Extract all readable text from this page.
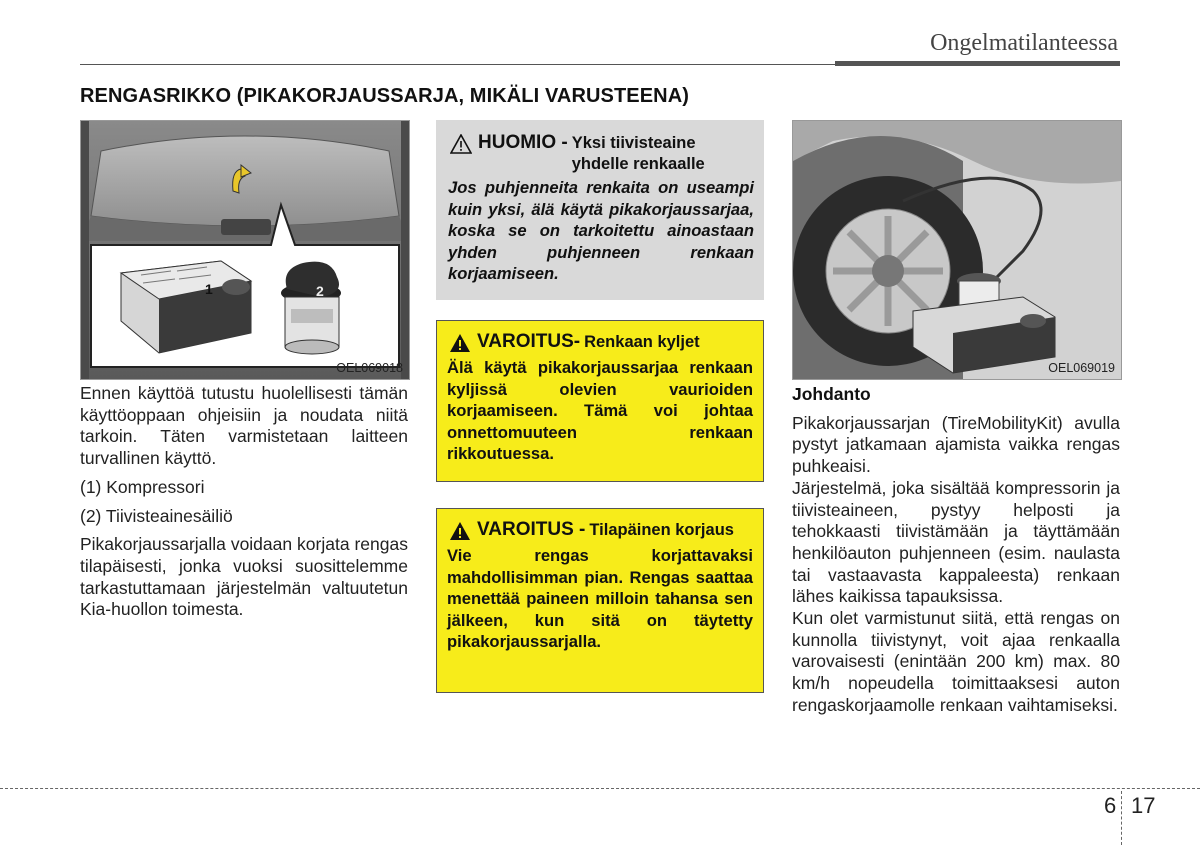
Ongelmatilanteessa
RENGASRIKKO (PIKAKORJAUSSARJA, MIKÄLI VARUSTEENA)
1	2
OEL069018

Ennen käyttöä tutustu huolellisesti tämän käyttöoppaan ohjeisiin ja noudata niitä tarkoin. Täten varmistetaan laitteen turvallinen käyttö.

(1) Kompressori

(2) Tiivisteainesäiliö

Pikakorjaussarjalla voidaan korjata rengas tilapäisesti, jonka vuoksi suosittelemme tarkastuttamaan järjestelmän valtuutetun Kia-huollon toimesta.

HUOMIO - Yksi tiivisteaine yhdelle renkaalle
Jos puhjenneita renkaita on useampi kuin yksi, älä käytä pikakorjaussarjaa, koska se on tarkoitettu ainoastaan yhden puhjenneen renkaan korjaamiseen.
VAROITUS- Renkaan kyljet
Älä käytä pikakorjaussarjaa renkaan kyljissä olevien vaurioiden korjaamiseen. Tämä voi johtaa onnettomuuteen renkaan rikkoutuessa.
VAROITUS - Tilapäinen korjaus
Vie rengas korjattavaksi mahdollisimman pian. Rengas saattaa menettää paineen milloin tahansa sen jälkeen, kun sitä on täytetty pikakorjaussarjalla.
OEL069019

Johdanto

Pikakorjaussarjan (TireMobilityKit) avulla pystyt jatkamaan ajamista vaikka rengas puhkeaisi.

Järjestelmä, joka sisältää kompressorin ja tiivisteaineen, pystyy helposti ja tehokkaasti tiivistämään ja täyttämään henkilöauton puhjenneen (esim. naulasta tai vastaavasta kappaleesta) renkaan lähes kaikissa tapauksissa.

Kun olet varmistunut siitä, että rengas on kunnolla tiivistynyt, voit ajaa renkaalla varovaisesti (enintään 200 km) max. 80 km/h nopeudella toimittaaksesi auton rengaskorjaamolle renkaan vaihtamiseksi.

6 17
